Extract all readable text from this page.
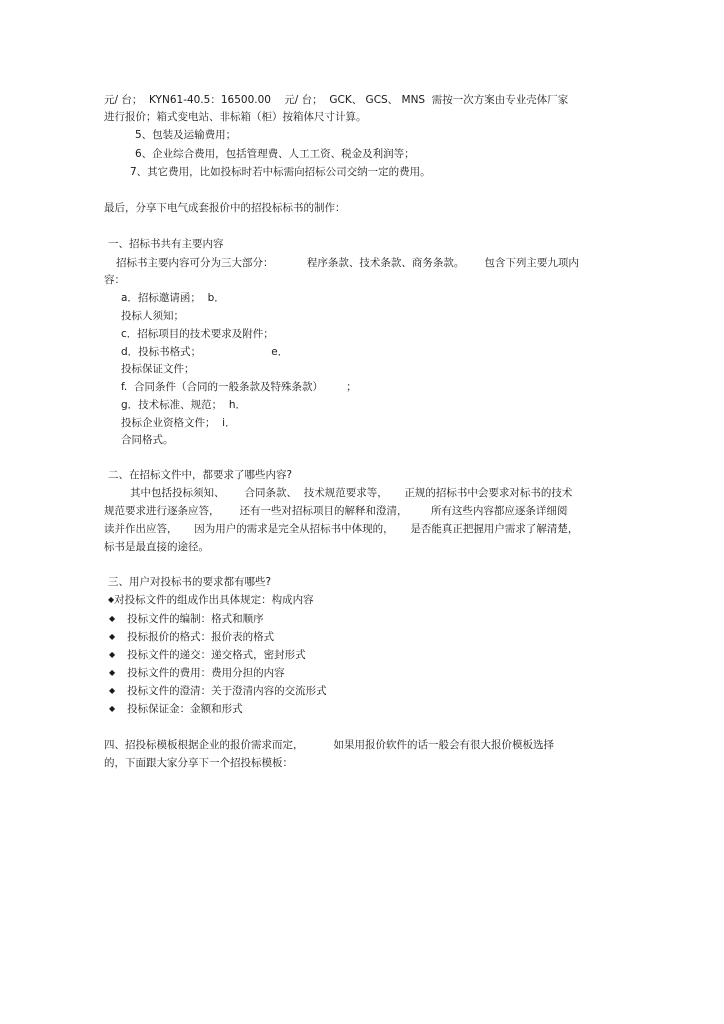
元/ 台；  KYN61-40.5：16500.00    元/ 台；  GCK、 GCS、 MNS  需按一次方案由专业壳体厂家
进行报价；箱式变电站、非标箱（柜）按箱体尺寸计算。
5、包装及运输费用；
6、企业综合费用，包括管理费、人工工资、税金及利润等；
7、其它费用，比如投标时若中标需向招标公司交纳一定的费用。
最后，分享下电气成套报价中的招投标标书的制作：
一、招标书共有主要内容
招标书主要内容可分为三大部分：          程序条款、技术条款、商务条款。      包含下列主要九项内
容：
a．招标邀请函；  b．
投标人须知；
c．招标项目的技术要求及附件；
d．投标书格式；                     e．
投标保证文件；
f.  合同条件（合同的一般条款及特殊条款）       ；
g．技术标准、规范；  h．
投标企业资格文件；  i．
合同格式。
二、在招标文件中，都要求了哪些内容?
其中包括投标须知、      合同条款、  技术规范要求等，     正规的招标书中会要求对标书的技术
规范要求进行逐条应答，      还有一些对招标项目的解释和澄清，       所有这些内容都应逐条详细阅
读并作出应答，     因为用户的需求是完全从招标书中体现的，     是否能真正把握用户需求了解清楚，
标书是最直接的途径。
三、用户对投标书的要求都有哪些?
◆对投标文件的组成作出具体规定：构成内容
◆ 投标文件的编制：格式和顺序
◆ 投标报价的格式：报价表的格式
◆ 投标文件的递交：递交格式，密封形式
◆ 投标文件的费用：费用分担的内容
◆ 投标文件的澄清：关于澄清内容的交流形式
◆ 投标保证金：金额和形式
四、招投标模板根据企业的报价需求而定，         如果用报价软件的话一般会有很大报价模板选择
的，下面跟大家分享下一个招投标模板：
